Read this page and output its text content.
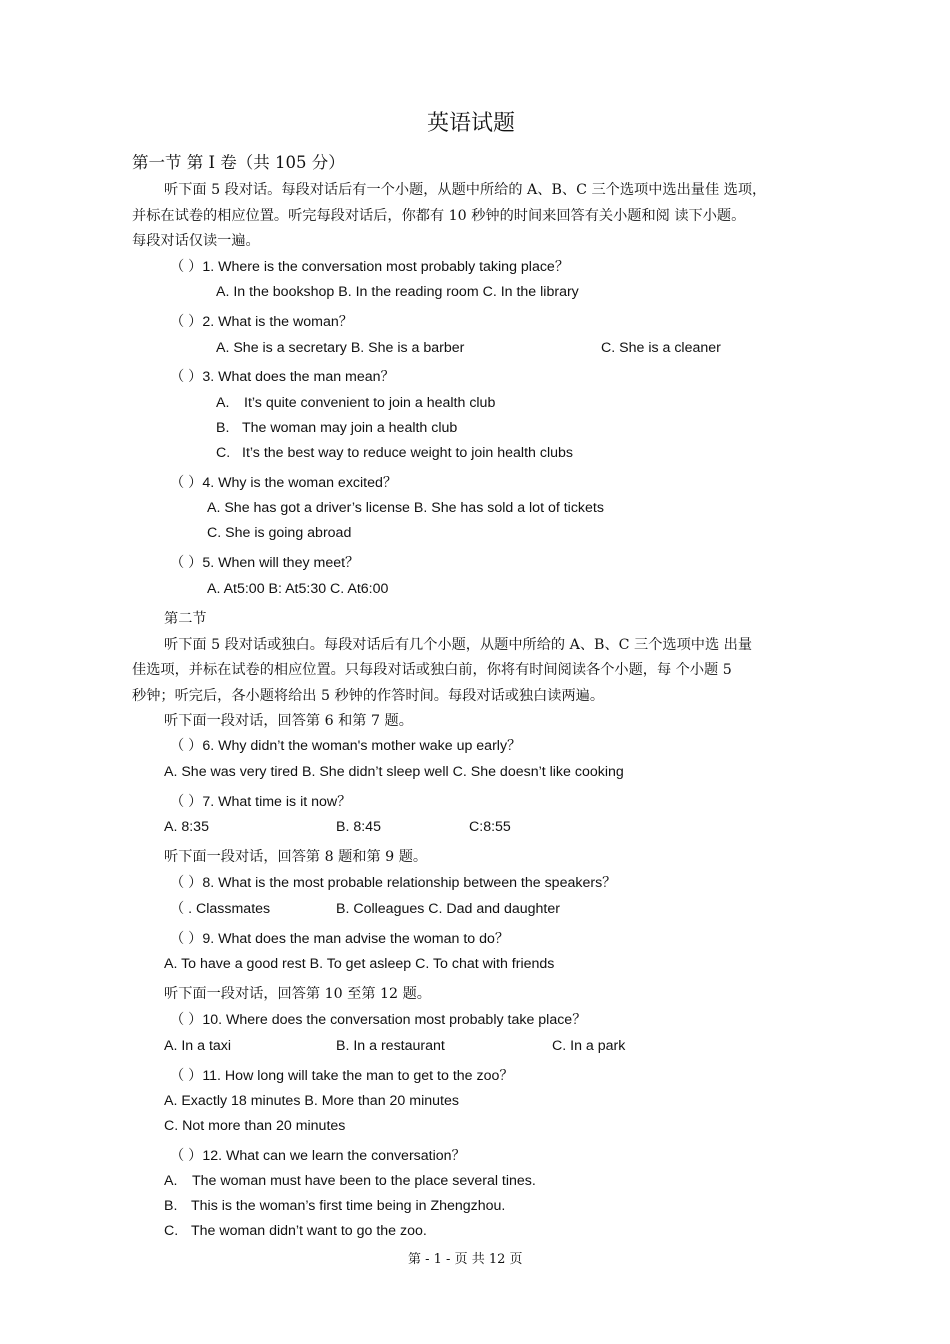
英语试题
第一节 第 I 卷（共 105 分）
听下面 5 段对话。每段对话后有一个小题，从题中所给的 A、B、C 三个选项中选出量佳 选项，
并标在试卷的相应位置。听完每段对话后，你都有 10 秒钟的时间来回答有关小题和阅 读下小题。
每段对话仅读一遍。
（ ）1. Where is the conversation most probably taking place？
A. In the bookshop B. In the reading room C. In the library
（ ）2. What is the woman？
A. She is a secretary B. She is a barber	C. She is a cleaner
（ ）3. What does the man mean？
A. It’s quite convenient to join a health club
B. The woman may join a health club
C. It’s the best way to reduce weight to join health clubs
（ ）4. Why is the woman excited？
A. She has got a driver’s license B. She has sold a lot of tickets
C. She is going abroad
（ ）5. When will they meet？
A. At5:00 B: At5:30 C. At6:00
第二节
听下面 5 段对话或独白。每段对话后有几个小题，从题中所给的 A、B、C 三个选项中选 出量
佳选项，并标在试卷的相应位置。只每段对话或独白前，你将有时间阅读各个小题，每 个小题 5
秒钟；听完后，各小题将给出 5 秒钟的作答时间。每段对话或独白读两遍。
听下面一段对话，回答第 6 和第 7 题。
（ ）6. Why didn’t the woman's mother wake up early？
A. She was very tired B. She didn’t sleep well C. She doesn’t like cooking
（ ）7. What time is it now？
A. 8:35	B. 8:45	C:8:55
听下面一段对话，回答第 8 题和第 9 题。
（ ）8. What is the most probable relationship between the speakers？
（ . Classmates	B. Colleagues C. Dad and daughter
（ ）9. What does the man advise the woman to do？
A. To have a good rest B. To get asleep C. To chat with friends
听下面一段对话，回答第 10 至第 12 题。
（ ）10. Where does the conversation most probably take place？
A. In a taxi	B. In a restaurant	C. In a park
（ ）11. How long will take the man to get to the zoo？
A. Exactly 18 minutes B. More than 20 minutes
C. Not more than 20 minutes
（ ）12. What can we learn the conversation？
A. The woman must have been to the place several tines.
B. This is the woman’s first time being in Zhengzhou.
C. The woman didn’t want to go the zoo.
第 - 1 - 页 共 12 页
